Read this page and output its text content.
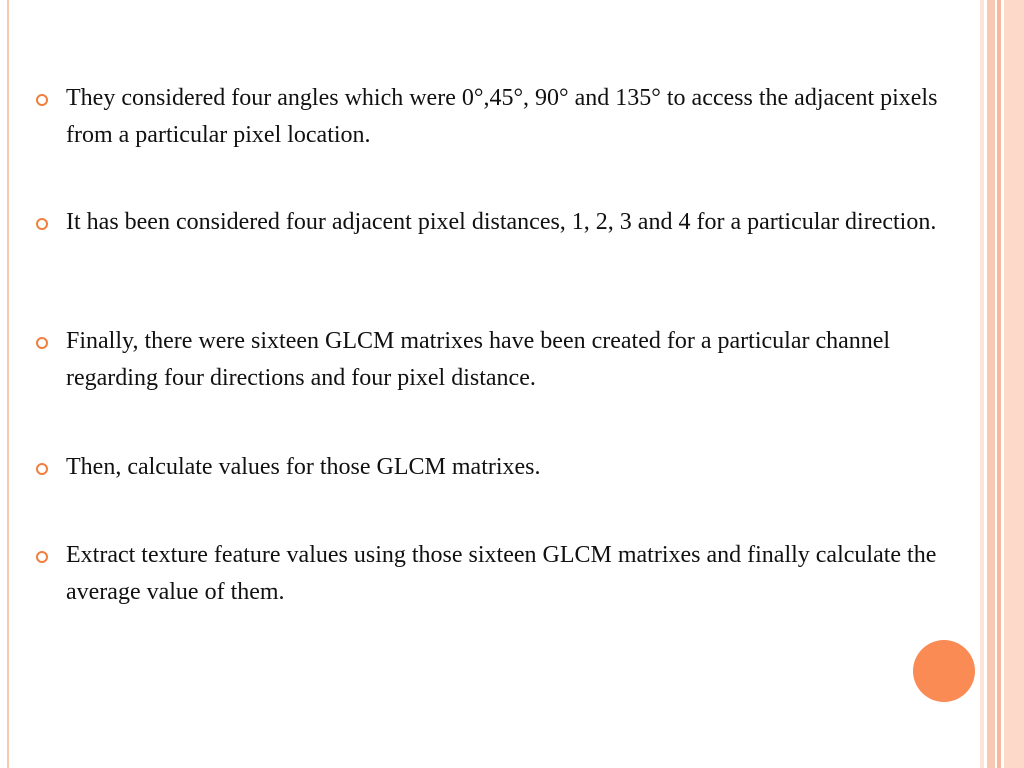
They considered four angles which were 0°,45°, 90° and 135° to access the adjacent pixels from a particular pixel location.
It has been considered four adjacent pixel distances, 1, 2, 3 and 4 for a particular direction.
Finally, there were sixteen GLCM matrixes have been created for a particular channel regarding four directions and four pixel distance.
Then, calculate values for those GLCM matrixes.
Extract texture feature values using those sixteen GLCM matrixes and finally calculate the average value of them.
